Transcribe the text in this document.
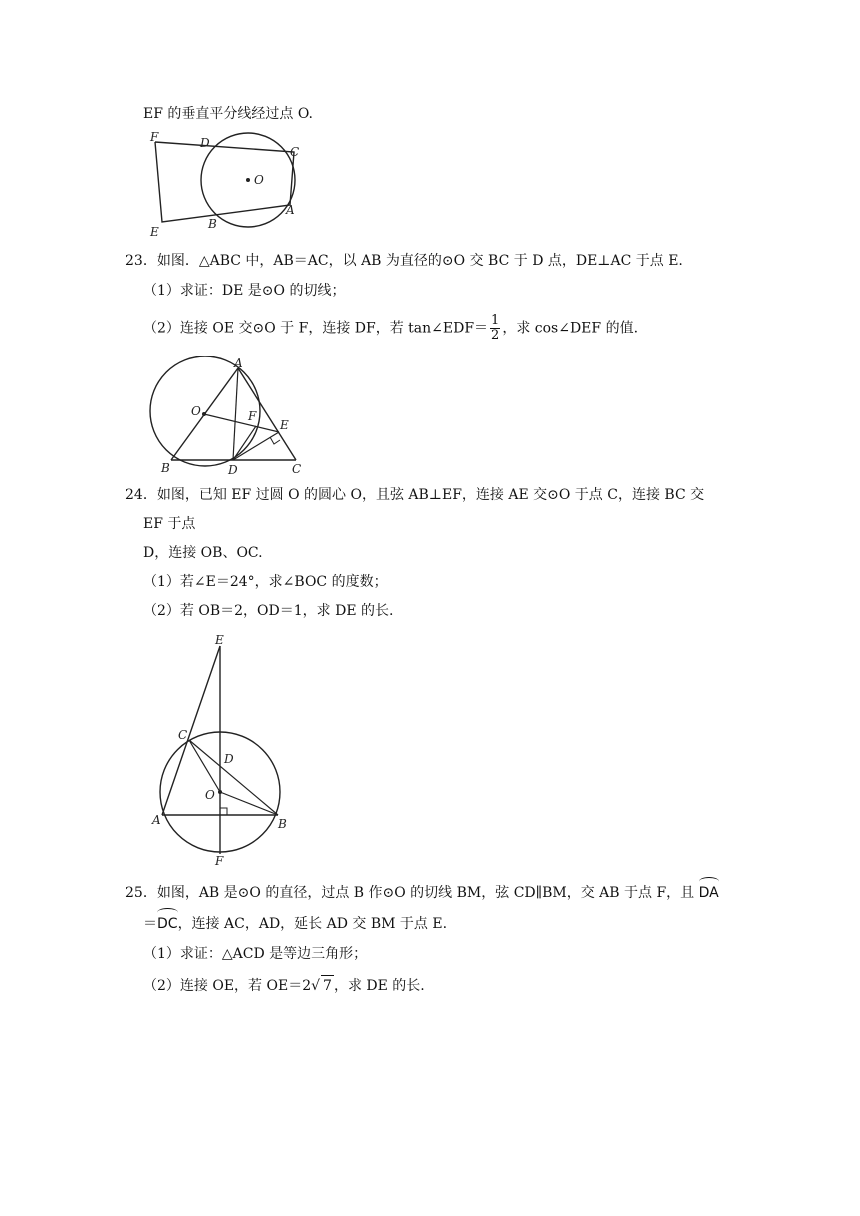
EF 的垂直平分线经过点 O.
F	D
C
O
E
B
A
23．如图．△ABC 中，AB＝AC，以 AB 为直径的⊙O 交 BC 于 D 点，DE⊥AC 于点 E.
（1）求证：DE 是⊙O 的切线；
（2）连接 OE 交⊙O 于 F，连接 DF，若 tan∠EDF＝ $\frac{1}{2}$ ，求 cos∠DEF 的值.
A
O	F
E
B	D	C
24．如图，已知 EF 过圆 O 的圆心 O，且弦 AB⊥EF，连接 AE 交⊙O 于点 C，连接 BC 交
EF 于点
D，连接 OB、OC.
（1）若∠E＝24°，求∠BOC 的度数；
（2）若 OB＝2，OD＝1，求 DE 的长.
E
C
D
O
A	B
F
25．如图，AB 是⊙O 的直径，过点 B 作⊙O 的切线 BM，弦 CD∥BM，交 AB 于点 F，且 DA
＝DC，连接 AC，AD，延长 AD 交 BM 于点 E.
（1）求证：△ACD 是等边三角形；
（2）连接 OE，若 OE＝2√ 7 ，求 DE 的长.
